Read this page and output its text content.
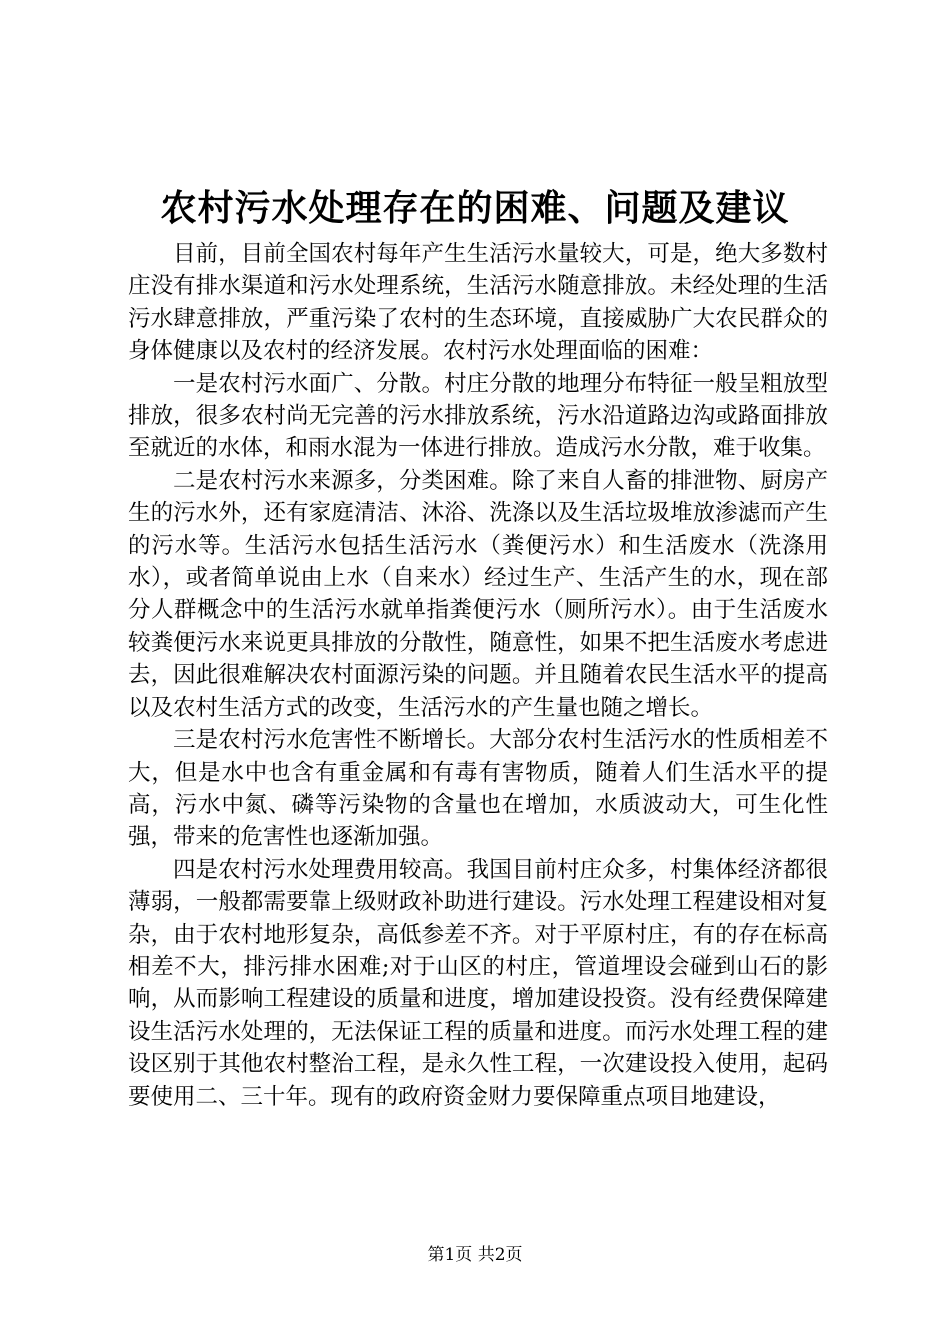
农村污水处理存在的困难、问题及建议

目前，目前全国农村每年产生生活污水量较大，可是，绝大多数村庄没有排水渠道和污水处理系统，生活污水随意排放。未经处理的生活污水肆意排放，严重污染了农村的生态环境，直接威胁广大农民群众的身体健康以及农村的经济发展。农村污水处理面临的困难：

一是农村污水面广、分散。村庄分散的地理分布特征一般呈粗放型排放，很多农村尚无完善的污水排放系统，污水沿道路边沟或路面排放至就近的水体，和雨水混为一体进行排放。造成污水分散，难于收集。

二是农村污水来源多，分类困难。除了来自人畜的排泄物、厨房产生的污水外，还有家庭清洁、沐浴、洗涤以及生活垃圾堆放渗滤而产生的污水等。生活污水包括生活污水（粪便污水）和生活废水（洗涤用水），或者简单说由上水（自来水）经过生产、生活产生的水，现在部分人群概念中的生活污水就单指粪便污水（厕所污水）。由于生活废水较粪便污水来说更具排放的分散性，随意性，如果不把生活废水考虑进去，因此很难解决农村面源污染的问题。并且随着农民生活水平的提高以及农村生活方式的改变，生活污水的产生量也随之增长。

三是农村污水危害性不断增长。大部分农村生活污水的性质相差不大，但是水中也含有重金属和有毒有害物质，随着人们生活水平的提高，污水中氮、磷等污染物的含量也在增加，水质波动大，可生化性强，带来的危害性也逐渐加强。

四是农村污水处理费用较高。我国目前村庄众多，村集体经济都很薄弱，一般都需要靠上级财政补助进行建设。污水处理工程建设相对复杂，由于农村地形复杂，高低参差不齐。对于平原村庄，有的存在标高相差不大，排污排水困难;对于山区的村庄，管道埋设会碰到山石的影响，从而影响工程建设的质量和进度，增加建设投资。没有经费保障建设生活污水处理的，无法保证工程的质量和进度。而污水处理工程的建设区别于其他农村整治工程，是永久性工程，一次建设投入使用，起码要使用二、三十年。现有的政府资金财力要保障重点项目地建设，

第1页 共2页
